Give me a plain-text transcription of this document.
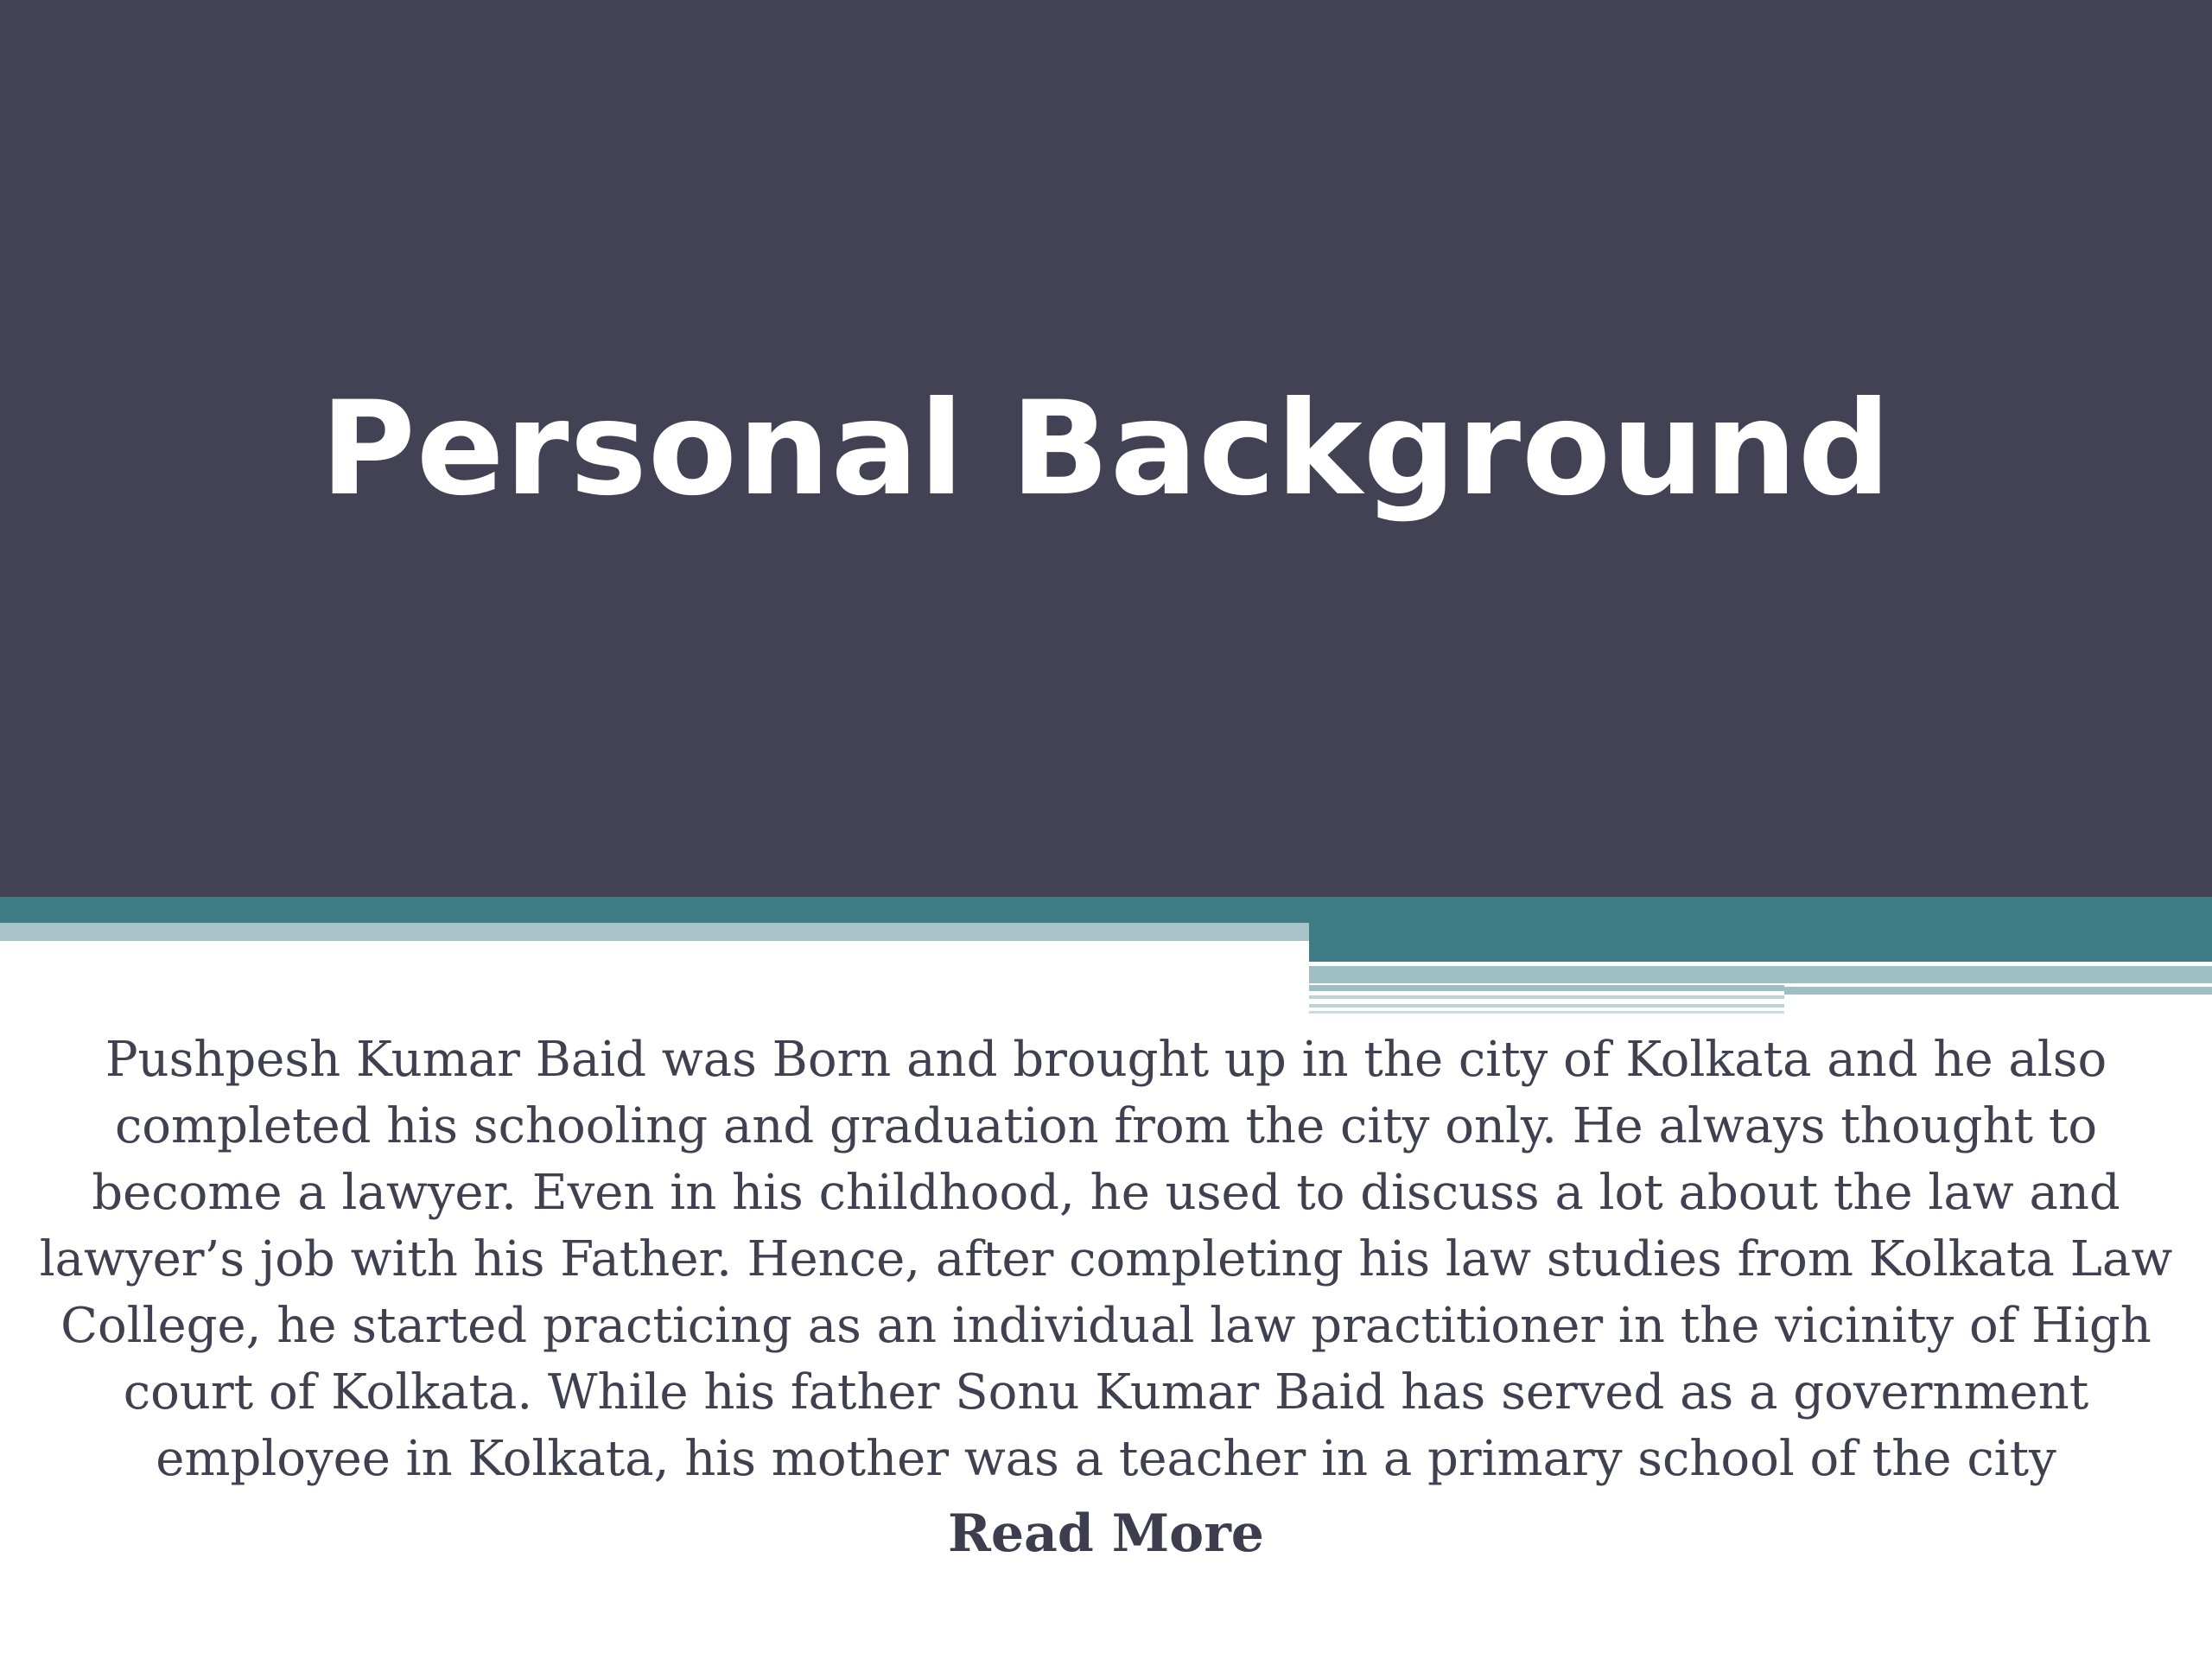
Personal Background
Pushpesh Kumar Baid was Born and brought up in the city of Kolkata and he also
completed his schooling and graduation from the city only. He always thought to
become a lawyer. Even in his childhood, he used to discuss a lot about the law and
lawyer’s job with his Father. Hence, after completing his law studies from Kolkata Law
College, he started practicing as an individual law practitioner in the vicinity of High
court of Kolkata. While his father Sonu Kumar Baid has served as a government
employee in Kolkata, his mother was a teacher in a primary school of the city
Read More
